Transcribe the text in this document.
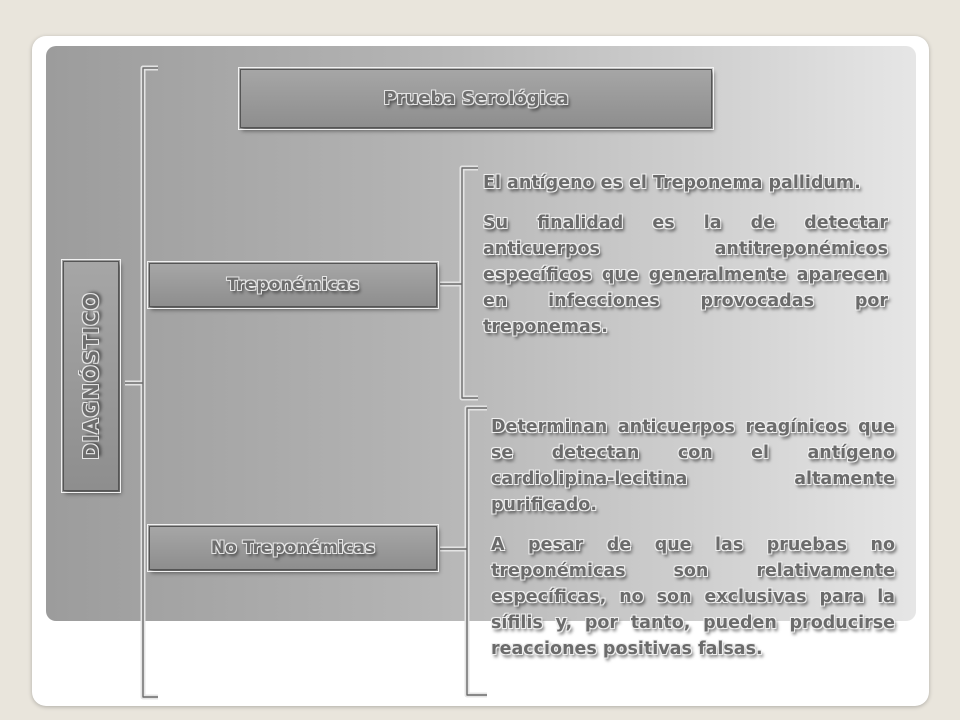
DIAGNÓSTICO
Prueba Serológica
Treponémicas
No Treponémicas

El antígeno es el Treponema pallidum.

Su finalidad es la de detectar anticuerpos antitreponémicos específicos que generalmente aparecen en infecciones provocadas por treponemas.

Determinan anticuerpos reagínicos que se detectan con el antígeno cardiolipina-lecitina altamente purificado.

A pesar de que las pruebas no treponémicas son relativamente específicas, no son exclusivas para la sífilis y, por tanto, pueden producirse reacciones positivas falsas.
